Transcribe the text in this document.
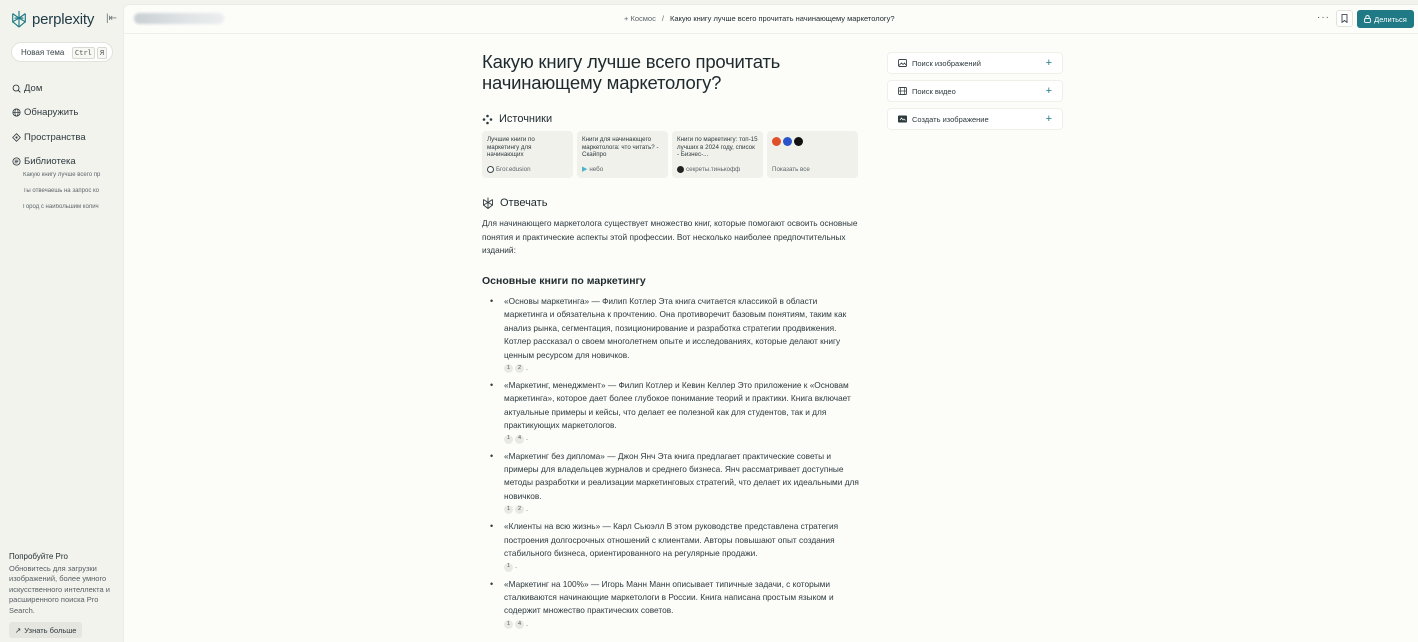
perplexity |⇤
Новая тема	Ctrl	Я
Дом
Обнаружить
Пространства
Библиотека
Какую книгу лучше всего пр
Ты отвечаешь на запрос ко
Город с наибольшим колич
Попробуйте Pro
Обновитесь для загрузки изображений, более умного искусственного интеллекта и расширенного поиска Pro Search.
↗ Узнать больше
+ Космос / Какую книгу лучше всего прочитать начинающему маркетологу?	···	Делиться
Какую книгу лучше всего прочитать начинающему маркетологу?
Источники
Лучшие книги по маркетингу для начинающих
Бгог.edusion
Книги для начинающего маркетолога: что читать? - Скайпро
▶ небо
Книги по маркетингу: топ-15 лучших в 2024 году, список - Бизнес-...
секреты.тинькофф	Показать все
Отвечать

Для начинающего маркетолога существует множество книг, которые помогают освоить основные понятия и практические аспекты этой профессии. Вот несколько наиболее предпочтительных изданий:

Основные книги по маркетингу
• «Основы маркетинга» — Филип Котлер Эта книга считается классикой в области маркетинга и обязательна к прочтению. Она противоречит базовым понятиям, таким как анализ рынка, сегментация, позиционирование и разработка стратегии продвижения. Котлер рассказал о своем многолетнем опыте и исследованиях, которые делают книгу ценным ресурсом для новичков.
1	2 .
• «Маркетинг, менеджмент» — Филип Котлер и Кевин Келлер Это приложение к «Основам маркетинга», которое дает более глубокое понимание теорий и практики. Книга включает актуальные примеры и кейсы, что делает ее полезной как для студентов, так и для практикующих маркетологов.
1	4 .
• «Маркетинг без диплома» — Джон Янч Эта книга предлагает практические советы и примеры для владельцев журналов и среднего бизнеса. Янч рассматривает доступные методы разработки и реализации маркетинговых стратегий, что делает их идеальными для новичков.
1	2 .
• «Клиенты на всю жизнь» — Карл Сьюэлл В этом руководстве представлена стратегия построения долгосрочных отношений с клиентами. Авторы повышают опыт создания стабильного бизнеса, ориентированного на регулярные продажи.
1 .
• «Маркетинг на 100%» — Игорь Манн Манн описывает типичные задачи, с которыми сталкиваются начинающие маркетологи в России. Книга написана простым языком и содержит множество практических советов.
1	4 .
Поиск изображений	+
Поиск видео	+
Создать изображение	+
